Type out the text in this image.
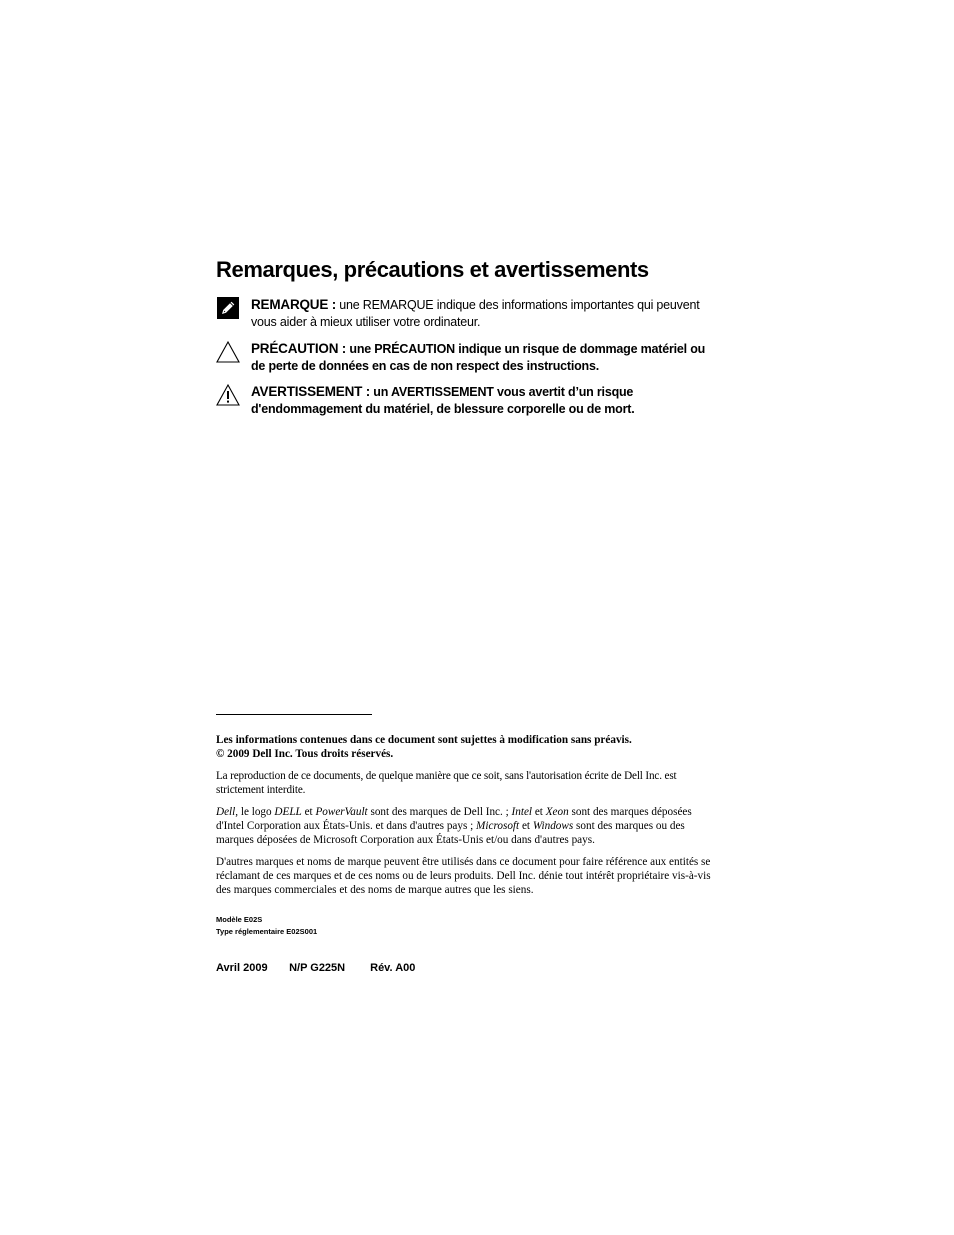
Remarques, précautions et avertissements
REMARQUE : une REMARQUE indique des informations importantes qui peuvent vous aider à mieux utiliser votre ordinateur.
PRÉCAUTION : une PRÉCAUTION indique un risque de dommage matériel ou de perte de données en cas de non respect des instructions.
AVERTISSEMENT : un AVERTISSEMENT vous avertit d’un risque d'endommagement du matériel, de blessure corporelle ou de mort.

Les informations contenues dans ce document sont sujettes à modification sans préavis.
© 2009 Dell Inc. Tous droits réservés.

La reproduction de ce documents, de quelque manière que ce soit, sans l'autorisation écrite de Dell Inc. est strictement interdite.

Dell, le logo DELL et PowerVault sont des marques de Dell Inc. ; Intel et Xeon sont des marques déposées d'Intel Corporation aux États-Unis. et dans d'autres pays ; Microsoft et Windows sont des marques ou des marques déposées de Microsoft Corporation aux États-Unis et/ou dans d'autres pays.

D'autres marques et noms de marque peuvent être utilisés dans ce document pour faire référence aux entités se réclamant de ces marques et de ces noms ou de leurs produits. Dell Inc. dénie tout intérêt propriétaire vis-à-vis des marques commerciales et des noms de marque autres que les siens.

Modèle E02S
Type réglementaire E02S001
Avril 2009 N/P G225N Rév. A00
